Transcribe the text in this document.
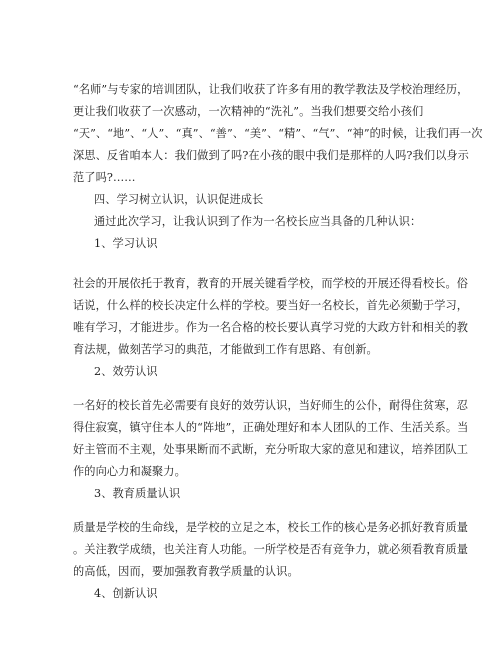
“名师”与专家的培训团队，让我们收获了许多有用的教学教法及学校治理经历，
更让我们收获了一次感动，一次精神的“洗礼”。当我们想要交给小孩们
“天”、“地”、“人”、“真”、“善”、“美”、“精”、“气”、“神”的时候，让我们再一次
深思、反省咱本人：我们做到了吗?在小孩的眼中我们是那样的人吗?我们以身示
范了吗?……
四、学习树立认识，认识促进成长
通过此次学习，让我认识到了作为一名校长应当具备的几种认识：
1、学习认识
社会的开展依托于教育，教育的开展关键看学校，而学校的开展还得看校长。俗
话说，什么样的校长决定什么样的学校。要当好一名校长，首先必须勤于学习，
唯有学习，才能进步。作为一名合格的校长要认真学习党的大政方针和相关的教
育法规，做刻苦学习的典范，才能做到工作有思路、有创新。
2、效劳认识
一名好的校长首先必需要有良好的效劳认识，当好师生的公仆，耐得住贫寒，忍
得住寂寞，镇守住本人的“阵地”，正确处理好和本人团队的工作、生活关系。当
好主管而不主观，处事果断而不武断，充分听取大家的意见和建议，培养团队工
作的向心力和凝聚力。
3、教育质量认识
质量是学校的生命线，是学校的立足之本，校长工作的核心是务必抓好教育质量
。关注教学成绩，也关注育人功能。一所学校是否有竞争力，就必须看教育质量
的高低，因而，要加强教育教学质量的认识。
4、创新认识
